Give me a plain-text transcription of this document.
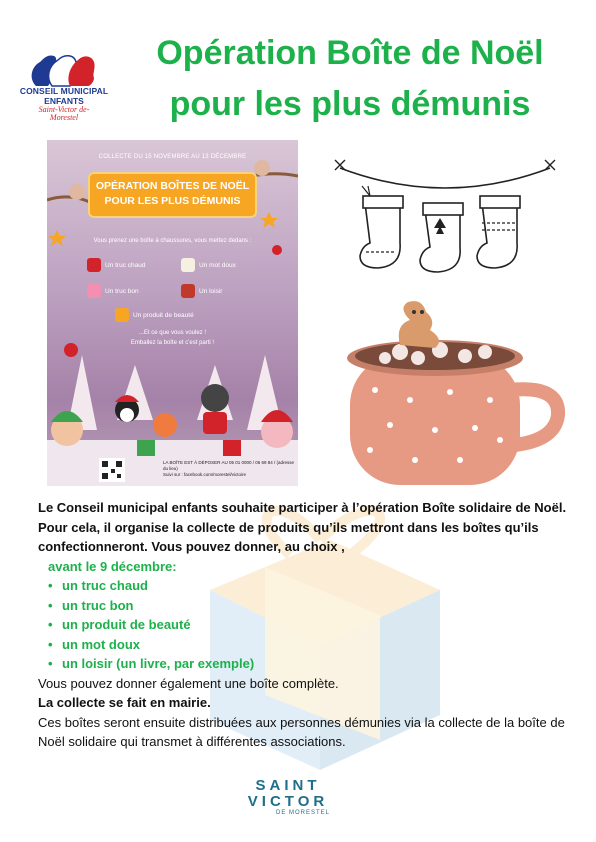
CONSEIL MUNICIPAL
ENFANTS
Saint-Victor de-Morestel
Opération Boîte de Noël
pour les plus démunis
COLLECTE DU 15 NOVEMBRE AU 13 DÉCEMBRE
OPÉRATION BOÎTES DE NOËL
POUR LES PLUS DÉMUNIS
Vous prenez une boîte à chaussures, vous mettez dedans :
Un truc chaud	Un mot doux
Un truc bon	Un loisir
Un produit de beauté
...Et ce que vous voulez !
Emballez la boîte et c'est parti !
LA BOÎTE EST À DÉPOSER AU 05 01 0000 / 06 69 84 / (adresse du lieu)
Suivi sur : facebook.com/morestel/victoire
Le Conseil municipal enfants souhaite participer à l’opération Boîte solidaire de Noël.
Pour cela, il organise la collecte de produits qu’ils mettront dans les boîtes qu’ils confectionneront. Vous pouvez donner, au choix ,
avant le 9 décembre:
• un truc chaud
• un truc bon
• un produit de beauté
• un mot doux
• un loisir (un livre, par exemple)
Vous pouvez donner également une boîte complète.
La collecte se fait en mairie.
Ces boîtes seront ensuite distribuées aux personnes démunies via la collecte de la boîte de Noël solidaire qui transmet à différentes associations.
SAINT
VICTOR
DE MORESTEL
